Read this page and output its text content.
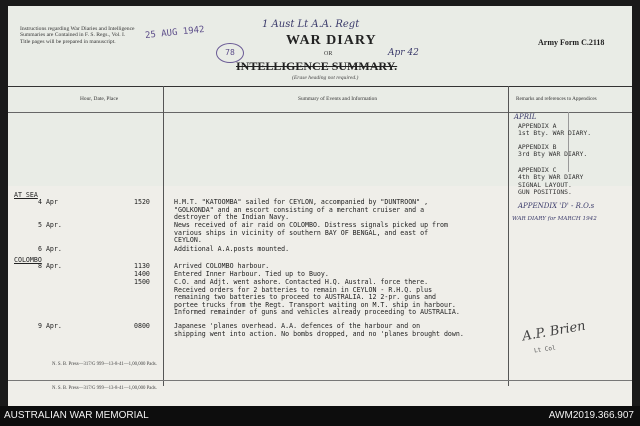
Instructions regarding War Diaries and Intelligence
Summaries are Contained in F. S. Regs., Vol. I.
Title pages will be prepared in manuscript.
25 AUG 1942
78
1 Aust Lt A.A. Regt
Apr 42
WAR DIARY
OR
INTELLIGENCE SUMMARY.
(Erase heading not required.)
Army Form C.2118
Hour, Date, Place	Summary of Events and Information	Remarks and references to Appendices
AT SEA
4 Apr	1520	H.M.T. "KATOOMBA" sailed for CEYLON, accompanied by "DUNTROON" ,
"GOLKONDA" and an escort consisting of a merchant cruiser and a
destroyer of the Indian Navy.
5 Apr.	News received of air raid on COLOMBO. Distress signals picked up from
various ships in vicinity of southern BAY OF BENGAL, and east of
CEYLON.
6 Apr.	Additional A.A.posts mounted.
COLOMBO
8 Apr.	1130	Arrived COLOMBO harbour.
1400	Entered Inner Harbour. Tied up to Buoy.
1500	C.O. and Adjt. went ashore. Contacted H.Q. Austral. force there.
Received orders for 2 batteries to remain in CEYLON - R.H.Q. plus
remaining two batteries to proceed to AUSTRALIA. 12 2-pr. guns and
portee trucks from the Regt. Transport waiting on M.T. ship in harbour.
Informed remainder of guns and vehicles already proceeding to AUSTRALIA.
9 Apr.	0800	Japanese 'planes overhead. A.A. defences of the harbour and on
shipping went into action. No bombs dropped, and no 'planes brought down.
APRIL
APPENDIX A
1st Bty. WAR DIARY.
APPENDIX B
3rd Bty WAR DIARY.
APPENDIX C
4th Bty WAR DIARY
SIGNAL LAYOUT.
GUN POSITIONS.
APPENDIX 'D' - R.O.s
WAR DIARY for MARCH 1942
A.P. Brien
Lt Col
N. S. B. Press—317/G 999—13-8-41—1,00,000 Pads.
N. S. B. Press—317/G 999—13-8-41—1,00,000 Pads.
AUSTRALIAN WAR MEMORIAL	AWM2019.366.907
